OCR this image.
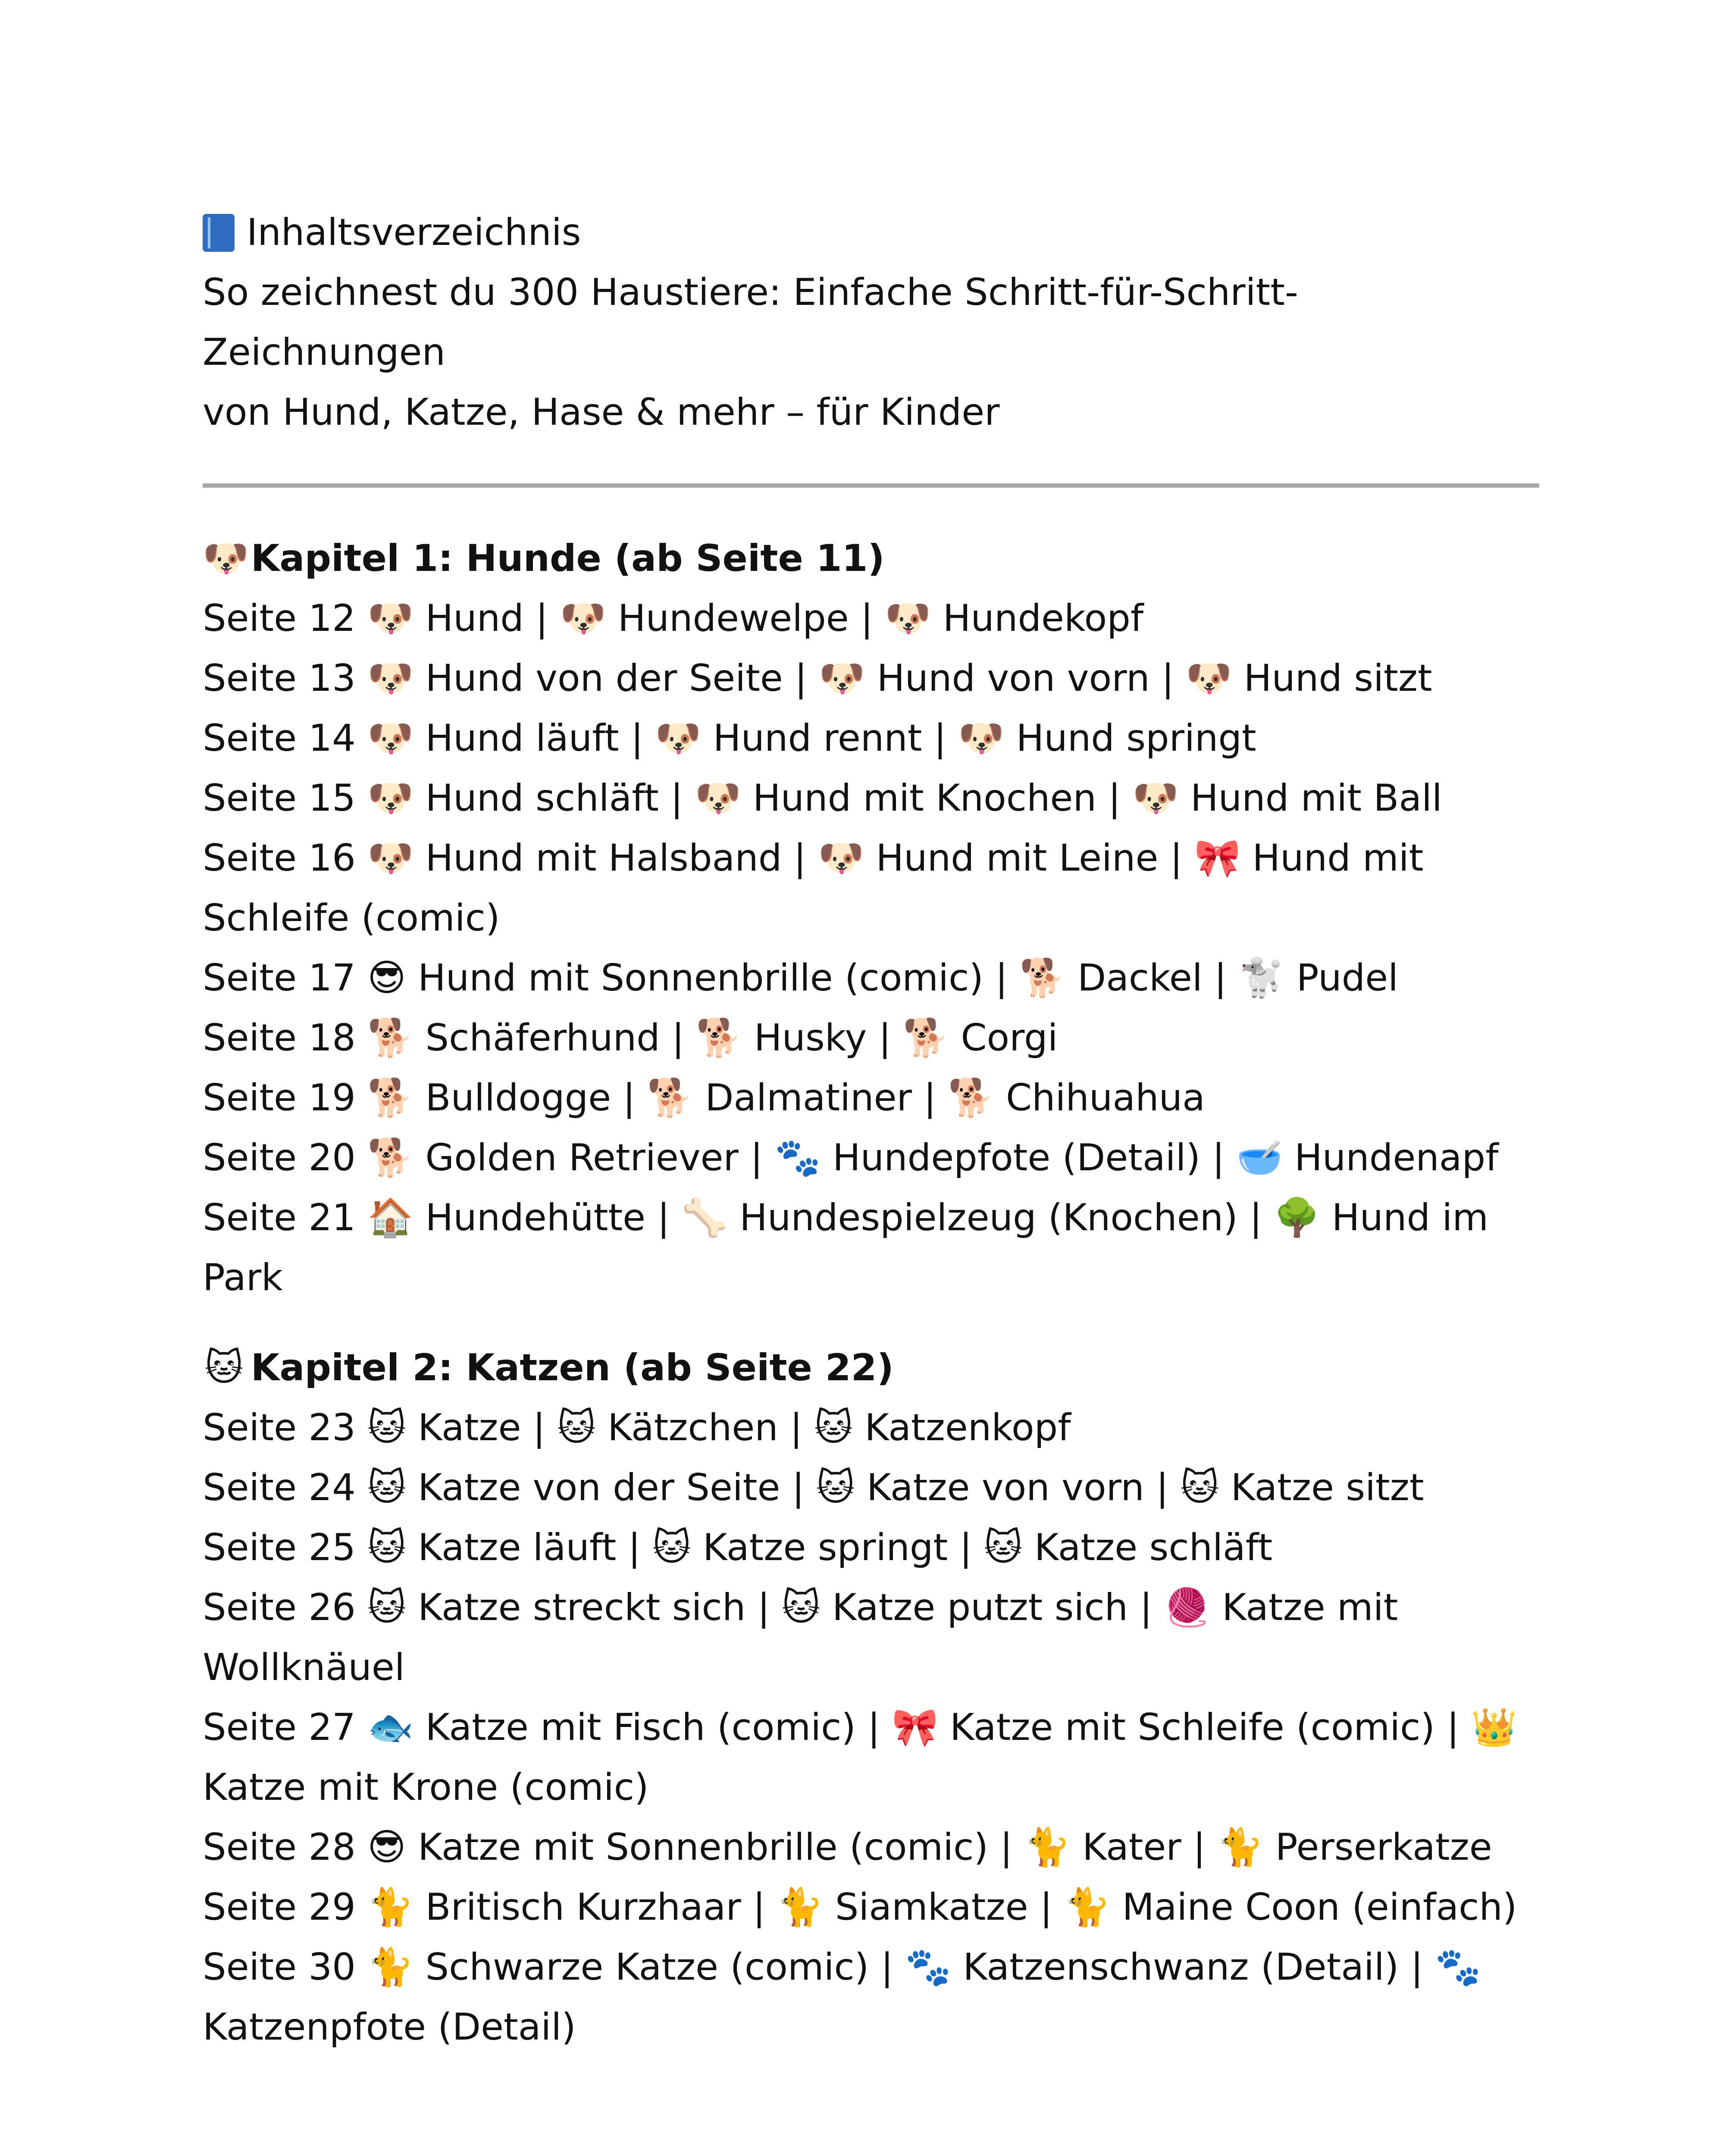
Inhaltsverzeichnis
So zeichnest du 300 Haustiere: Einfache Schritt-für-Schritt-Zeichnungen
von Hund, Katze, Hase & mehr – für Kinder
🐶Kapitel 1: Hunde (ab Seite 11)
Seite 12 🐶 Hund | 🐶 Hundewelpe | 🐶 Hundekopf
Seite 13 🐶 Hund von der Seite | 🐶 Hund von vorn | 🐶 Hund sitzt
Seite 14 🐶 Hund läuft | 🐶 Hund rennt | 🐶 Hund springt
Seite 15 🐶 Hund schläft | 🐶 Hund mit Knochen | 🐶 Hund mit Ball
Seite 16 🐶 Hund mit Halsband | 🐶 Hund mit Leine | 🎀 Hund mit Schleife (comic)
Seite 17 😎 Hund mit Sonnenbrille (comic) | 🐕 Dackel | 🐩 Pudel
Seite 18 🐕 Schäferhund | 🐕 Husky | 🐕 Corgi
Seite 19 🐕 Bulldogge | 🐕 Dalmatiner | 🐕 Chihuahua
Seite 20 🐕 Golden Retriever | 🐾 Hundepfote (Detail) | 🥣 Hundenapf
Seite 21 🏠 Hundehütte | 🦴 Hundespielzeug (Knochen) | 🌳 Hund im Park
🐱 Kapitel 2: Katzen (ab Seite 22)
Seite 23 🐱 Katze | 🐱 Kätzchen | 🐱 Katzenkopf
Seite 24 🐱 Katze von der Seite | 🐱 Katze von vorn | 🐱 Katze sitzt
Seite 25 🐱 Katze läuft | 🐱 Katze springt | 🐱 Katze schläft
Seite 26 🐱 Katze streckt sich | 🐱 Katze putzt sich | 🧶 Katze mit Wollknäuel
Seite 27 🐟 Katze mit Fisch (comic) | 🎀 Katze mit Schleife (comic) | 👑 Katze mit Krone (comic)
Seite 28 😎 Katze mit Sonnenbrille (comic) | 🐈 Kater | 🐈 Perserkatze
Seite 29 🐈 Britisch Kurzhaar | 🐈 Siamkatze | 🐈 Maine Coon (einfach)
Seite 30 🐈 Schwarze Katze (comic) | 🐾 Katzenschwanz (Detail) | 🐾 Katzenpfote (Detail)
